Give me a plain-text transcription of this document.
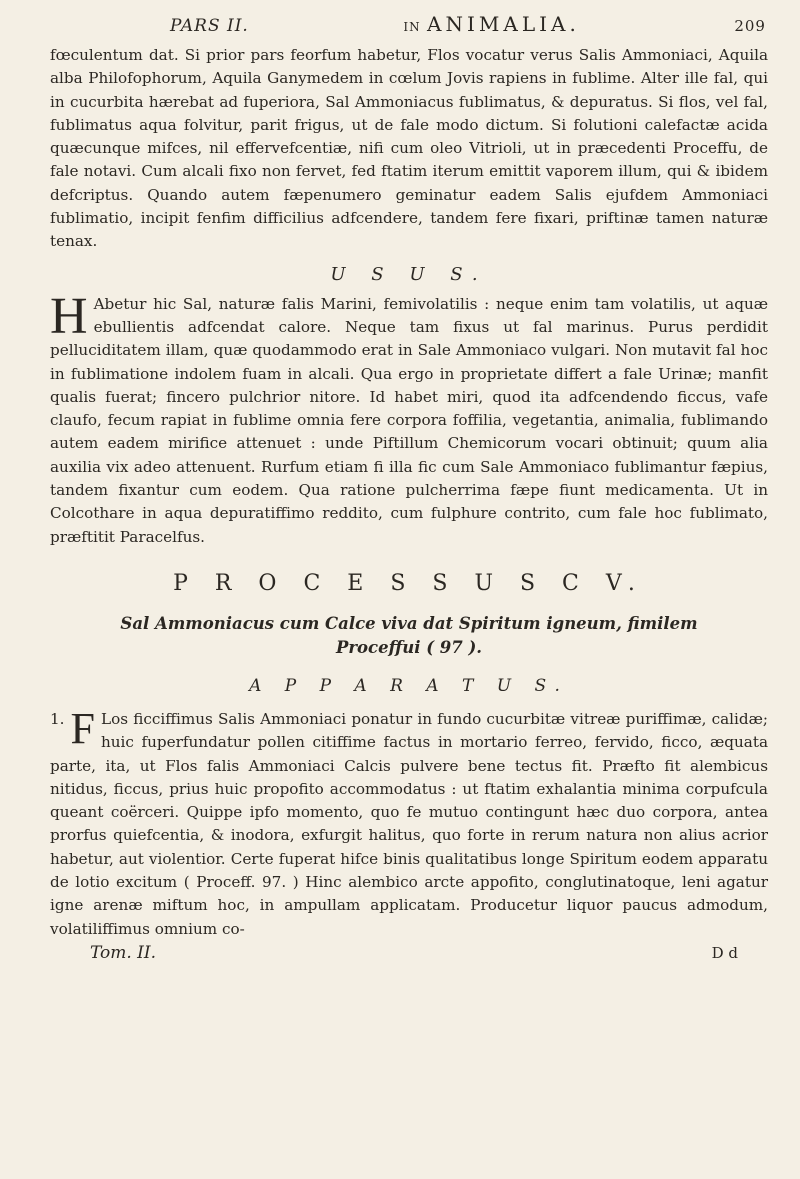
PARS II.	IN ANIMALIA.	209

fœculentum dat. Si prior pars feorfum habetur, Flos vocatur verus Salis Ammoniaci, Aquila alba Philofophorum, Aquila Ganymedem in cœlum Jovis rapiens in fublime. Alter ille fal, qui in cucurbita hærebat ad fuperiora, Sal Ammoniacus fublimatus, & depuratus. Si flos, vel fal, fublimatus aqua folvitur, parit frigus, ut de fale modo dictum. Si folutioni calefactæ acida quæcunque mifces, nil effervefcentiæ, nifi cum oleo Vitrioli, ut in præcedenti Proceffu, de fale notavi. Cum alcali fixo non fervet, fed ftatim iterum emittit vaporem illum, qui & ibidem defcriptus. Quando autem fæpenumero geminatur eadem Salis ejufdem Ammoniaci fublimatio, incipit fenfim difficilius adfcendere, tandem fere fixari, priftinæ tamen naturæ tenax.

U S U S.

H Abetur hic Sal, naturæ falis Marini, femivolatilis : neque enim tam volatilis, ut aquæ ebullientis adfcendat calore. Neque tam fixus ut fal marinus. Purus perdidit pelluciditatem illam, quæ quodammodo erat in Sale Ammoniaco vulgari. Non mutavit fal hoc in fublimatione indolem fuam in alcali. Qua ergo in proprietate differt a fale Urinæ; manfit qualis fuerat; fincero pulchrior nitore. Id habet miri, quod ita adfcendendo ficcus, vafe claufo, fecum rapiat in fublime omnia fere corpora foffilia, vegetantia, animalia, fublimando autem eadem mirifice attenuet : unde Piftillum Chemicorum vocari obtinuit; quum alia auxilia vix adeo attenuent. Rurfum etiam fi illa fic cum Sale Ammoniaco fublimantur fæpius, tandem fixantur cum eodem. Qua ratione pulcherrima fæpe fiunt medicamenta. Ut in Colcothare in aqua depuratiffimo reddito, cum fulphure contrito, cum fale hoc fublimato, præftitit Paracelfus.

P R O C E S S U S C V.

Sal Ammoniacus cum Calce viva dat Spiritum igneum, fimilem

Proceffui ( 97 ).

A P P A R A T U S.

1. F Los ficciffimus Salis Ammoniaci ponatur in fundo cucurbitæ vitreæ puriffimæ, calidæ; huic fuperfundatur pollen citiffime factus in mortario ferreo, fervido, ficco, æquata parte, ita, ut Flos falis Ammoniaci Calcis pulvere bene tectus fit. Præfto fit alembicus nitidus, ficcus, prius huic propofito accommodatus : ut ftatim exhalantia minima corpufcula queant coërceri. Quippe ipfo momento, quo fe mutuo contingunt hæc duo corpora, antea prorfus quiefcentia, & inodora, exfurgit halitus, quo forte in rerum natura non alius acrior habetur, aut violentior. Certe fuperat hifce binis qualitatibus longe Spiritum eodem apparatu de lotio excitum ( Proceff. 97. ) Hinc alembico arcte appofito, conglutinatoque, leni agatur igne arenæ miftum hoc, in ampullam applicatam. Producetur liquor paucus admodum, volatiliffimus omnium co-

Tom. II.	D d
